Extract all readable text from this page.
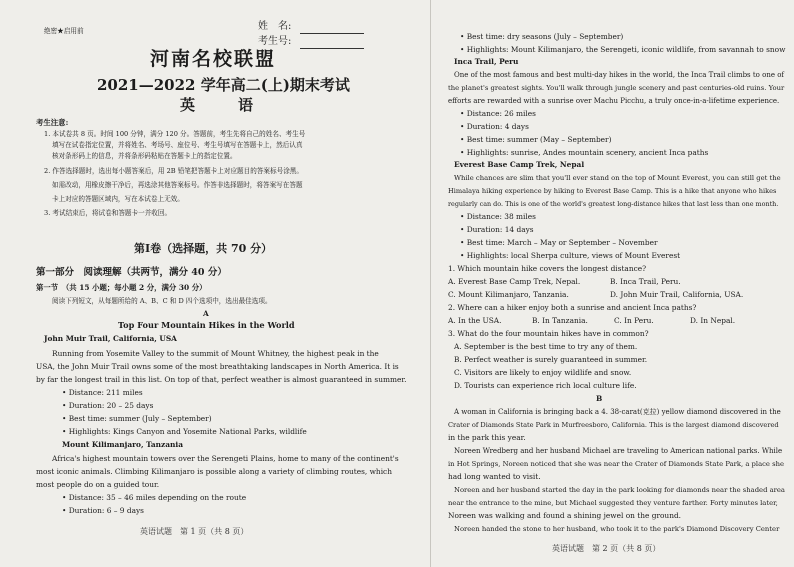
绝密★启用前	姓　名:
考生号:
河南名校联盟
2021—2022 学年高二(上)期末考试
英　语
考生注意:
1. 本试卷共 8 页。时间 100 分钟，满分 120 分。答题前，考生先将自己的姓名、考生号
填写在试卷指定位置，并将姓名、考场号、座位号、考生号填写在答题卡上，然后认真
核对条形码上的信息，并将条形码粘贴在答题卡上的指定位置。
2. 作答选择题时，选出每小题答案后，用 2B 铅笔把答题卡上对应题目的答案标号涂黑。
如需改动，用橡皮擦干净后，再选涂其他答案标号。作答非选择题时，将答案写在答题
卡上对应的答题区域内，写在本试卷上无效。
3. 考试结束后，将试卷和答题卡一并收回。
第Ⅰ卷（选择题，共 70 分）
第一部分　阅读理解（共两节，满分 40 分）
第一节　（共 15 小题；每小题 2 分，满分 30 分）
阅读下列短文，从每题所给的 A、B、C 和 D 四个选项中，选出最佳选项。
A
Top Four Mountain Hikes in the World
John Muir Trail, California, USA
Running from Yosemite Valley to the summit of Mount Whitney, the highest peak in the
USA, the John Muir Trail owns some of the most breathtaking landscapes in North America. It is
by far the longest trail in this list. On top of that, perfect weather is almost guaranteed in summer.
• Distance: 211 miles
• Duration: 20 – 25 days
• Best time: summer (July – September)
• Highlights: Kings Canyon and Yosemite National Parks, wildlife
Mount Kilimanjaro, Tanzania
Africa's highest mountain towers over the Serengeti Plains, home to many of the continent's
most iconic animals. Climbing Kilimanjaro is possible along a variety of climbing routes, which
most people do on a guided tour.
• Distance: 35 – 46 miles depending on the route
• Duration: 6 – 9 days
英语试题　第 1 页（共 8 页）
• Best time: dry seasons (July – September)
• Highlights: Mount Kilimanjaro, the Serengeti, iconic wildlife, from savannah to snow
Inca Trail, Peru
One of the most famous and best multi-day hikes in the world, the Inca Trail climbs to one of
the planet's greatest sights. You'll walk through jungle scenery and past centuries-old ruins. Your
efforts are rewarded with a sunrise over Machu Picchu, a truly once-in-a-lifetime experience.
• Distance: 26 miles
• Duration: 4 days
• Best time: summer (May – September)
• Highlights: sunrise, Andes mountain scenery, ancient Inca paths
Everest Base Camp Trek, Nepal
While chances are slim that you'll ever stand on the top of Mount Everest, you can still get the
Himalaya hiking experience by hiking to Everest Base Camp. This is a hike that anyone who hikes
regularly can do. This is one of the world's greatest long-distance hikes that last less than one month.
• Distance: 38 miles
• Duration: 14 days
• Best time: March – May or September – November
• Highlights: local Sherpa culture, views of Mount Everest
1. Which mountain hike covers the longest distance?
A. Everest Base Camp Trek, Nepal.	B. Inca Trail, Peru.
C. Mount Kilimanjaro, Tanzania.	D. John Muir Trail, California, USA.
2. Where can a hiker enjoy both a sunrise and ancient Inca paths?
A. In the USA.	B. In Tanzania.	C. In Peru.	D. In Nepal.
3. What do the four mountain hikes have in common?
A. September is the best time to try any of them.
B. Perfect weather is surely guaranteed in summer.
C. Visitors are likely to enjoy wildlife and snow.
D. Tourists can experience rich local culture life.
B
A woman in California is bringing back a 4. 38-carat(克拉) yellow diamond discovered in the
Crater of Diamonds State Park in Murfreesboro, California. This is the largest diamond discovered
in the park this year.
Noreen Wredberg and her husband Michael are traveling to American national parks. While
in Hot Springs, Noreen noticed that she was near the Crater of Diamonds State Park, a place she
had long wanted to visit.
Noreen and her husband started the day in the park looking for diamonds near the shaded area
near the entrance to the mine, but Michael suggested they venture farther. Forty minutes later,
Noreen was walking and found a shining jewel on the ground.
Noreen handed the stone to her husband, who took it to the park's Diamond Discovery Center
英语试题　第 2 页（共 8 页）
